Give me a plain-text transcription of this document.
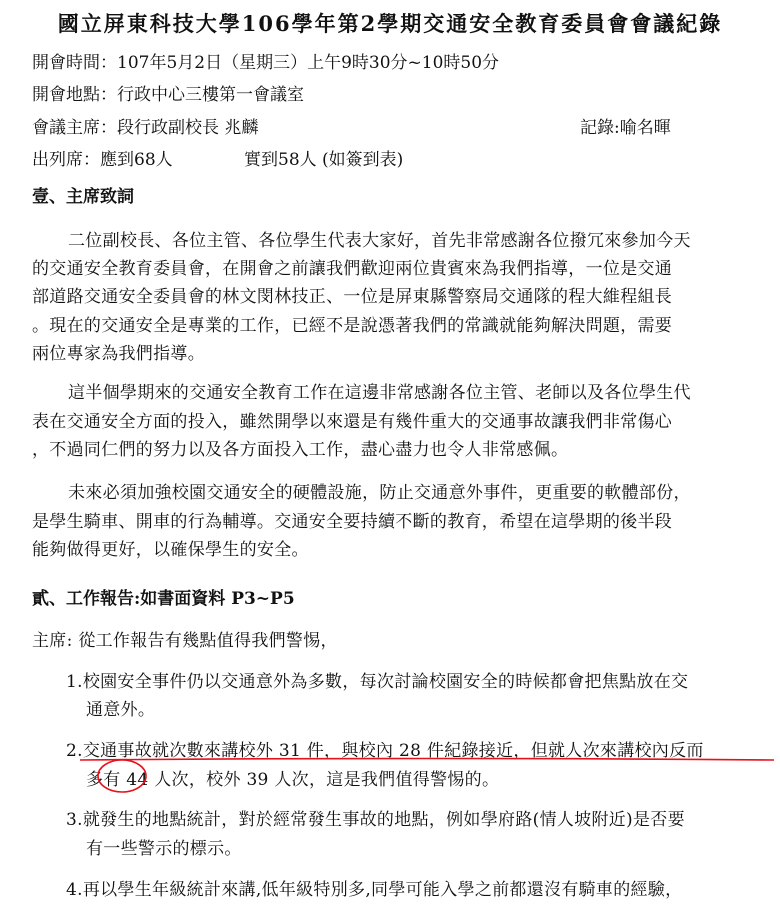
國立屏東科技大學106學年第2學期交通安全教育委員會會議紀錄
開會時間：107年5月2日（星期三）上午9時30分~10時50分
開會地點：行政中心三樓第一會議室
會議主席：段行政副校長 兆麟	記錄:喻名暉
出列席：應到68人	實到58人 (如簽到表)
壹、主席致詞
二位副校長、各位主管、各位學生代表大家好，首先非常感謝各位撥冗來參加今天
的交通安全教育委員會，在開會之前讓我們歡迎兩位貴賓來為我們指導，一位是交通
部道路交通安全委員會的林文閔林技正、一位是屏東縣警察局交通隊的程大維程組長
。現在的交通安全是專業的工作，已經不是說憑著我們的常識就能夠解決問題，需要
兩位專家為我們指導。
這半個學期來的交通安全教育工作在這邊非常感謝各位主管、老師以及各位學生代
表在交通安全方面的投入，雖然開學以來還是有幾件重大的交通事故讓我們非常傷心
，不過同仁們的努力以及各方面投入工作，盡心盡力也令人非常感佩。
未來必須加強校園交通安全的硬體設施，防止交通意外事件，更重要的軟體部份，
是學生騎車、開車的行為輔導。交通安全要持續不斷的教育，希望在這學期的後半段
能夠做得更好，以確保學生的安全。
貳、工作報告:如書面資料 P3~P5
主席: 從工作報告有幾點值得我們警惕，
1.校園安全事件仍以交通意外為多數，每次討論校園安全的時候都會把焦點放在交
通意外。
2.交通事故就次數來講校外 31 件，與校內 28 件紀錄接近，但就人次來講校內反而
多有 44 人次，校外 39 人次，這是我們值得警惕的。
3.就發生的地點統計，對於經常發生事故的地點，例如學府路(情人坡附近)是否要
有一些警示的標示。
4.再以學生年級統計來講,低年級特別多,同學可能入學之前都還沒有騎車的經驗，
